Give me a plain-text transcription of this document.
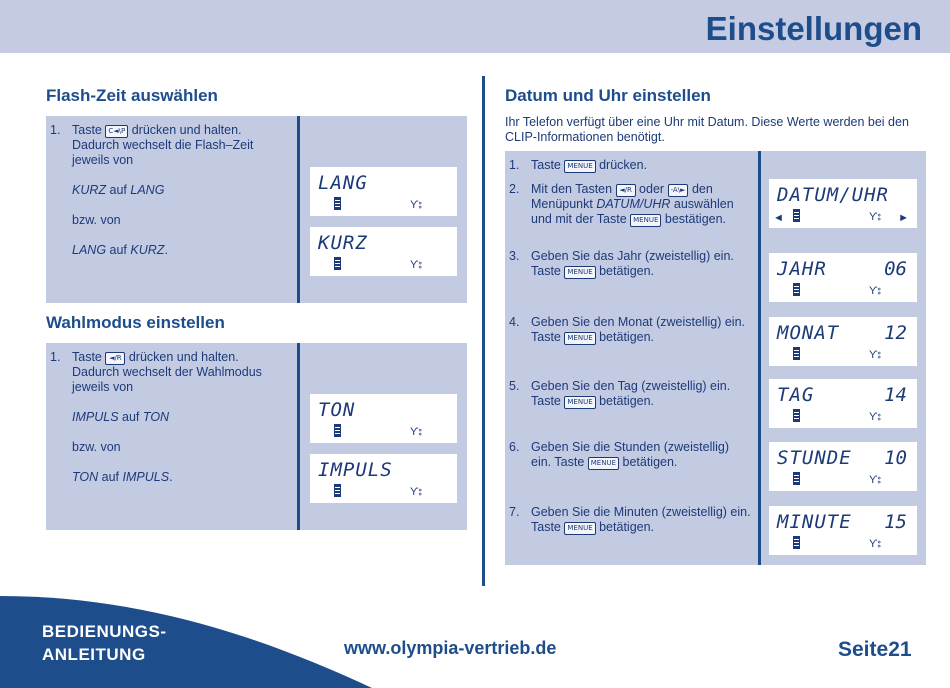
Einstellungen
Flash-Zeit auswählen
1. Taste C◄\P drücken und halten.
Dadurch wechselt die Flash–Zeit
jeweils von

KURZ auf LANG

bzw. von

LANG auf KURZ.
LANG
ϒ⦂
KURZ
ϒ⦂
Wahlmodus einstellen
1. Taste ◄/R drücken und halten.
Dadurch wechselt der Wahlmodus
jeweils von

IMPULS auf TON

bzw. von

TON auf IMPULS.
TON
ϒ⦂
IMPULS
ϒ⦂
Datum und Uhr einstellen
Ihr Telefon verfügt über eine Uhr mit Datum. Diese Werte werden bei den CLIP-Informationen benötigt.
1. Taste MENUE drücken.
2. Mit den Tasten ◄/R oder -A\► den
Menüpunkt DATUM/UHR auswählen
und mit der Taste MENUE bestätigen.
3. Geben Sie das Jahr (zweistellig) ein.
Taste MENUE betätigen.
4. Geben Sie den Monat (zweistellig) ein.
Taste MENUE betätigen.
5. Geben Sie den Tag (zweistellig) ein.
Taste MENUE betätigen.
6. Geben Sie die Stunden (zweistellig)
ein. Taste MENUE betätigen.
7. Geben Sie die Minuten (zweistellig) ein.
Taste MENUE betätigen.
DATUM/UHR
◄	ϒ⦂ ►
JAHR	06
ϒ⦂
MONAT 12
ϒ⦂
TAG	14
ϒ⦂
STUNDE 10
ϒ⦂
MINUTE 15
ϒ⦂
BEDIENUNGS-
ANLEITUNG	www.olympia-vertrieb.de	Seite21
